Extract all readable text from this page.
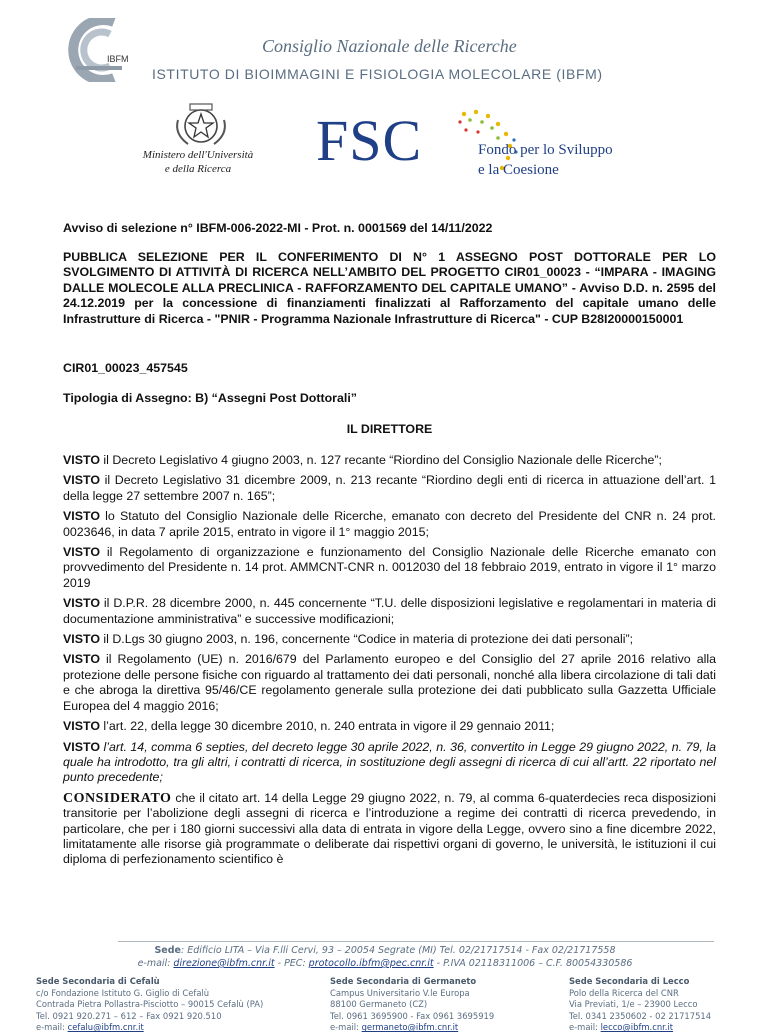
IBFM
Consiglio Nazionale delle Ricerche
ISTITUTO DI BIOIMMAGINI E FISIOLOGIA MOLECOLARE (IBFM)
Ministero dell'Università
e della Ricerca	FSC	Fondo per lo Sviluppo
e la Coesione
Avviso di selezione n° IBFM-006-2022-MI - Prot. n. 0001569 del 14/11/2022
PUBBLICA SELEZIONE PER IL CONFERIMENTO DI N° 1 ASSEGNO POST DOTTORALE PER LO SVOLGIMENTO DI ATTIVITÀ DI RICERCA NELL’AMBITO DEL PROGETTO CIR01_00023 - “IMPARA - IMAGING DALLE MOLECOLE ALLA PRECLINICA - RAFFORZAMENTO DEL CAPITALE UMANO” - Avviso D.D. n. 2595 del 24.12.2019 per la concessione di finanziamenti finalizzati al Rafforzamento del capitale umano delle Infrastrutture di Ricerca - "PNIR - Programma Nazionale Infrastrutture di Ricerca" - CUP B28I20000150001
CIR01_00023_457545
Tipologia di Assegno: B) “Assegni Post Dottorali”
IL DIRETTORE

VISTO il Decreto Legislativo 4 giugno 2003, n. 127 recante “Riordino del Consiglio Nazionale delle Ricerche”;

VISTO il Decreto Legislativo 31 dicembre 2009, n. 213 recante “Riordino degli enti di ricerca in attuazione dell’art. 1 della legge 27 settembre 2007 n. 165”;

VISTO lo Statuto del Consiglio Nazionale delle Ricerche, emanato con decreto del Presidente del CNR n. 24 prot. 0023646, in data 7 aprile 2015, entrato in vigore il 1° maggio 2015;

VISTO il Regolamento di organizzazione e funzionamento del Consiglio Nazionale delle Ricerche emanato con provvedimento del Presidente n. 14 prot. AMMCNT-CNR n. 0012030 del 18 febbraio 2019, entrato in vigore il 1° marzo 2019

VISTO il D.P.R. 28 dicembre 2000, n. 445 concernente “T.U. delle disposizioni legislative e regolamentari in materia di documentazione amministrativa” e successive modificazioni;

VISTO il D.Lgs 30 giugno 2003, n. 196, concernente “Codice in materia di protezione dei dati personali”;

VISTO il Regolamento (UE) n. 2016/679 del Parlamento europeo e del Consiglio del 27 aprile 2016 relativo alla protezione delle persone fisiche con riguardo al trattamento dei dati personali, nonché alla libera circolazione di tali dati e che abroga la direttiva 95/46/CE regolamento generale sulla protezione dei dati pubblicato sulla Gazzetta Ufficiale Europea del 4 maggio 2016;

VISTO l’art. 22, della legge 30 dicembre 2010, n. 240 entrata in vigore il 29 gennaio 2011;

VISTO l’art. 14, comma 6 septies, del decreto legge 30 aprile 2022, n. 36, convertito in Legge 29 giugno 2022, n. 79, la quale ha introdotto, tra gli altri, i contratti di ricerca, in sostituzione degli assegni di ricerca di cui all’artt. 22 riportato nel punto precedente;

CONSIDERATO che il citato art. 14 della Legge 29 giugno 2022, n. 79, al comma 6-quaterdecies reca disposizioni transitorie per l’abolizione degli assegni di ricerca e l’introduzione a regime dei contratti di ricerca prevedendo, in particolare, che per i 180 giorni successivi alla data di entrata in vigore della Legge, ovvero sino a fine dicembre 2022, limitatamente alle risorse già programmate o deliberate dai rispettivi organi di governo, le università, le istituzioni il cui diploma di perfezionamento scientifico è

Sede: Edificio LITA – Via F.lli Cervi, 93 – 20054 Segrate (MI) Tel. 02/21717514 - Fax 02/21717558
e-mail: direzione@ibfm.cnr.it - PEC: protocollo.ibfm@pec.cnr.it - P.IVA 02118311006 – C.F. 80054330586
Sede Secondaria di Cefalù
c/o Fondazione Istituto G. Giglio di Cefalù
Contrada Pietra Pollastra-Pisciotto – 90015 Cefalù (PA)
Tel. 0921 920.271 – 612 – Fax 0921 920.510
e-mail: cefalu@ibfm.cnr.it
Sede Secondaria di Germaneto
Campus Universitario V.le Europa
88100 Germaneto (CZ)
Tel. 0961 3695900 - Fax 0961 3695919
e-mail: germaneto@ibfm.cnr.it
Sede Secondaria di Lecco
Polo della Ricerca del CNR
Via Previati, 1/e – 23900 Lecco
Tel. 0341 2350602 - 02 21717514
e-mail: lecco@ibfm.cnr.it
